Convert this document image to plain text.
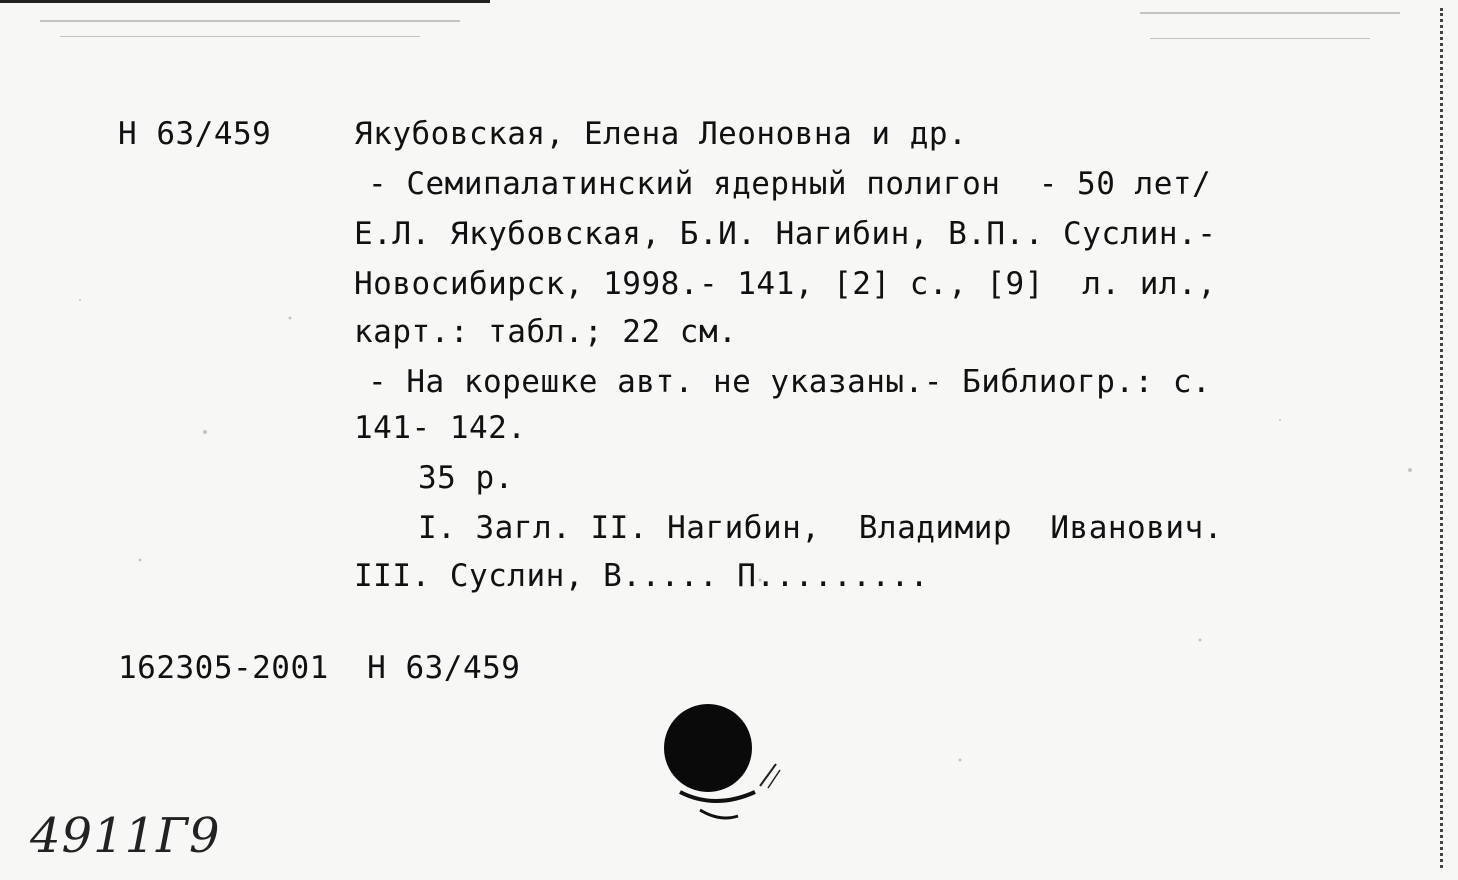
Н 63/459	Якубовская, Елена Леоновна и др.
- Семипалатинский ядерный полигон  - 50 лет/
Е.Л. Якубовская, Б.И. Нагибин, В.П.. Суслин.-
Новосибирск, 1998.- 141, [2] с., [9]  л. ил.,
карт.: табл.; 22 см.
- На корешке авт. не указаны.- Библиогр.: с.
141- 142.
35 р.
I. Загл. II. Нагибин,  Владимир  Иванович.
III. Суслин, В..... П.........
162305-2001  Н 63/459
4911Г9
